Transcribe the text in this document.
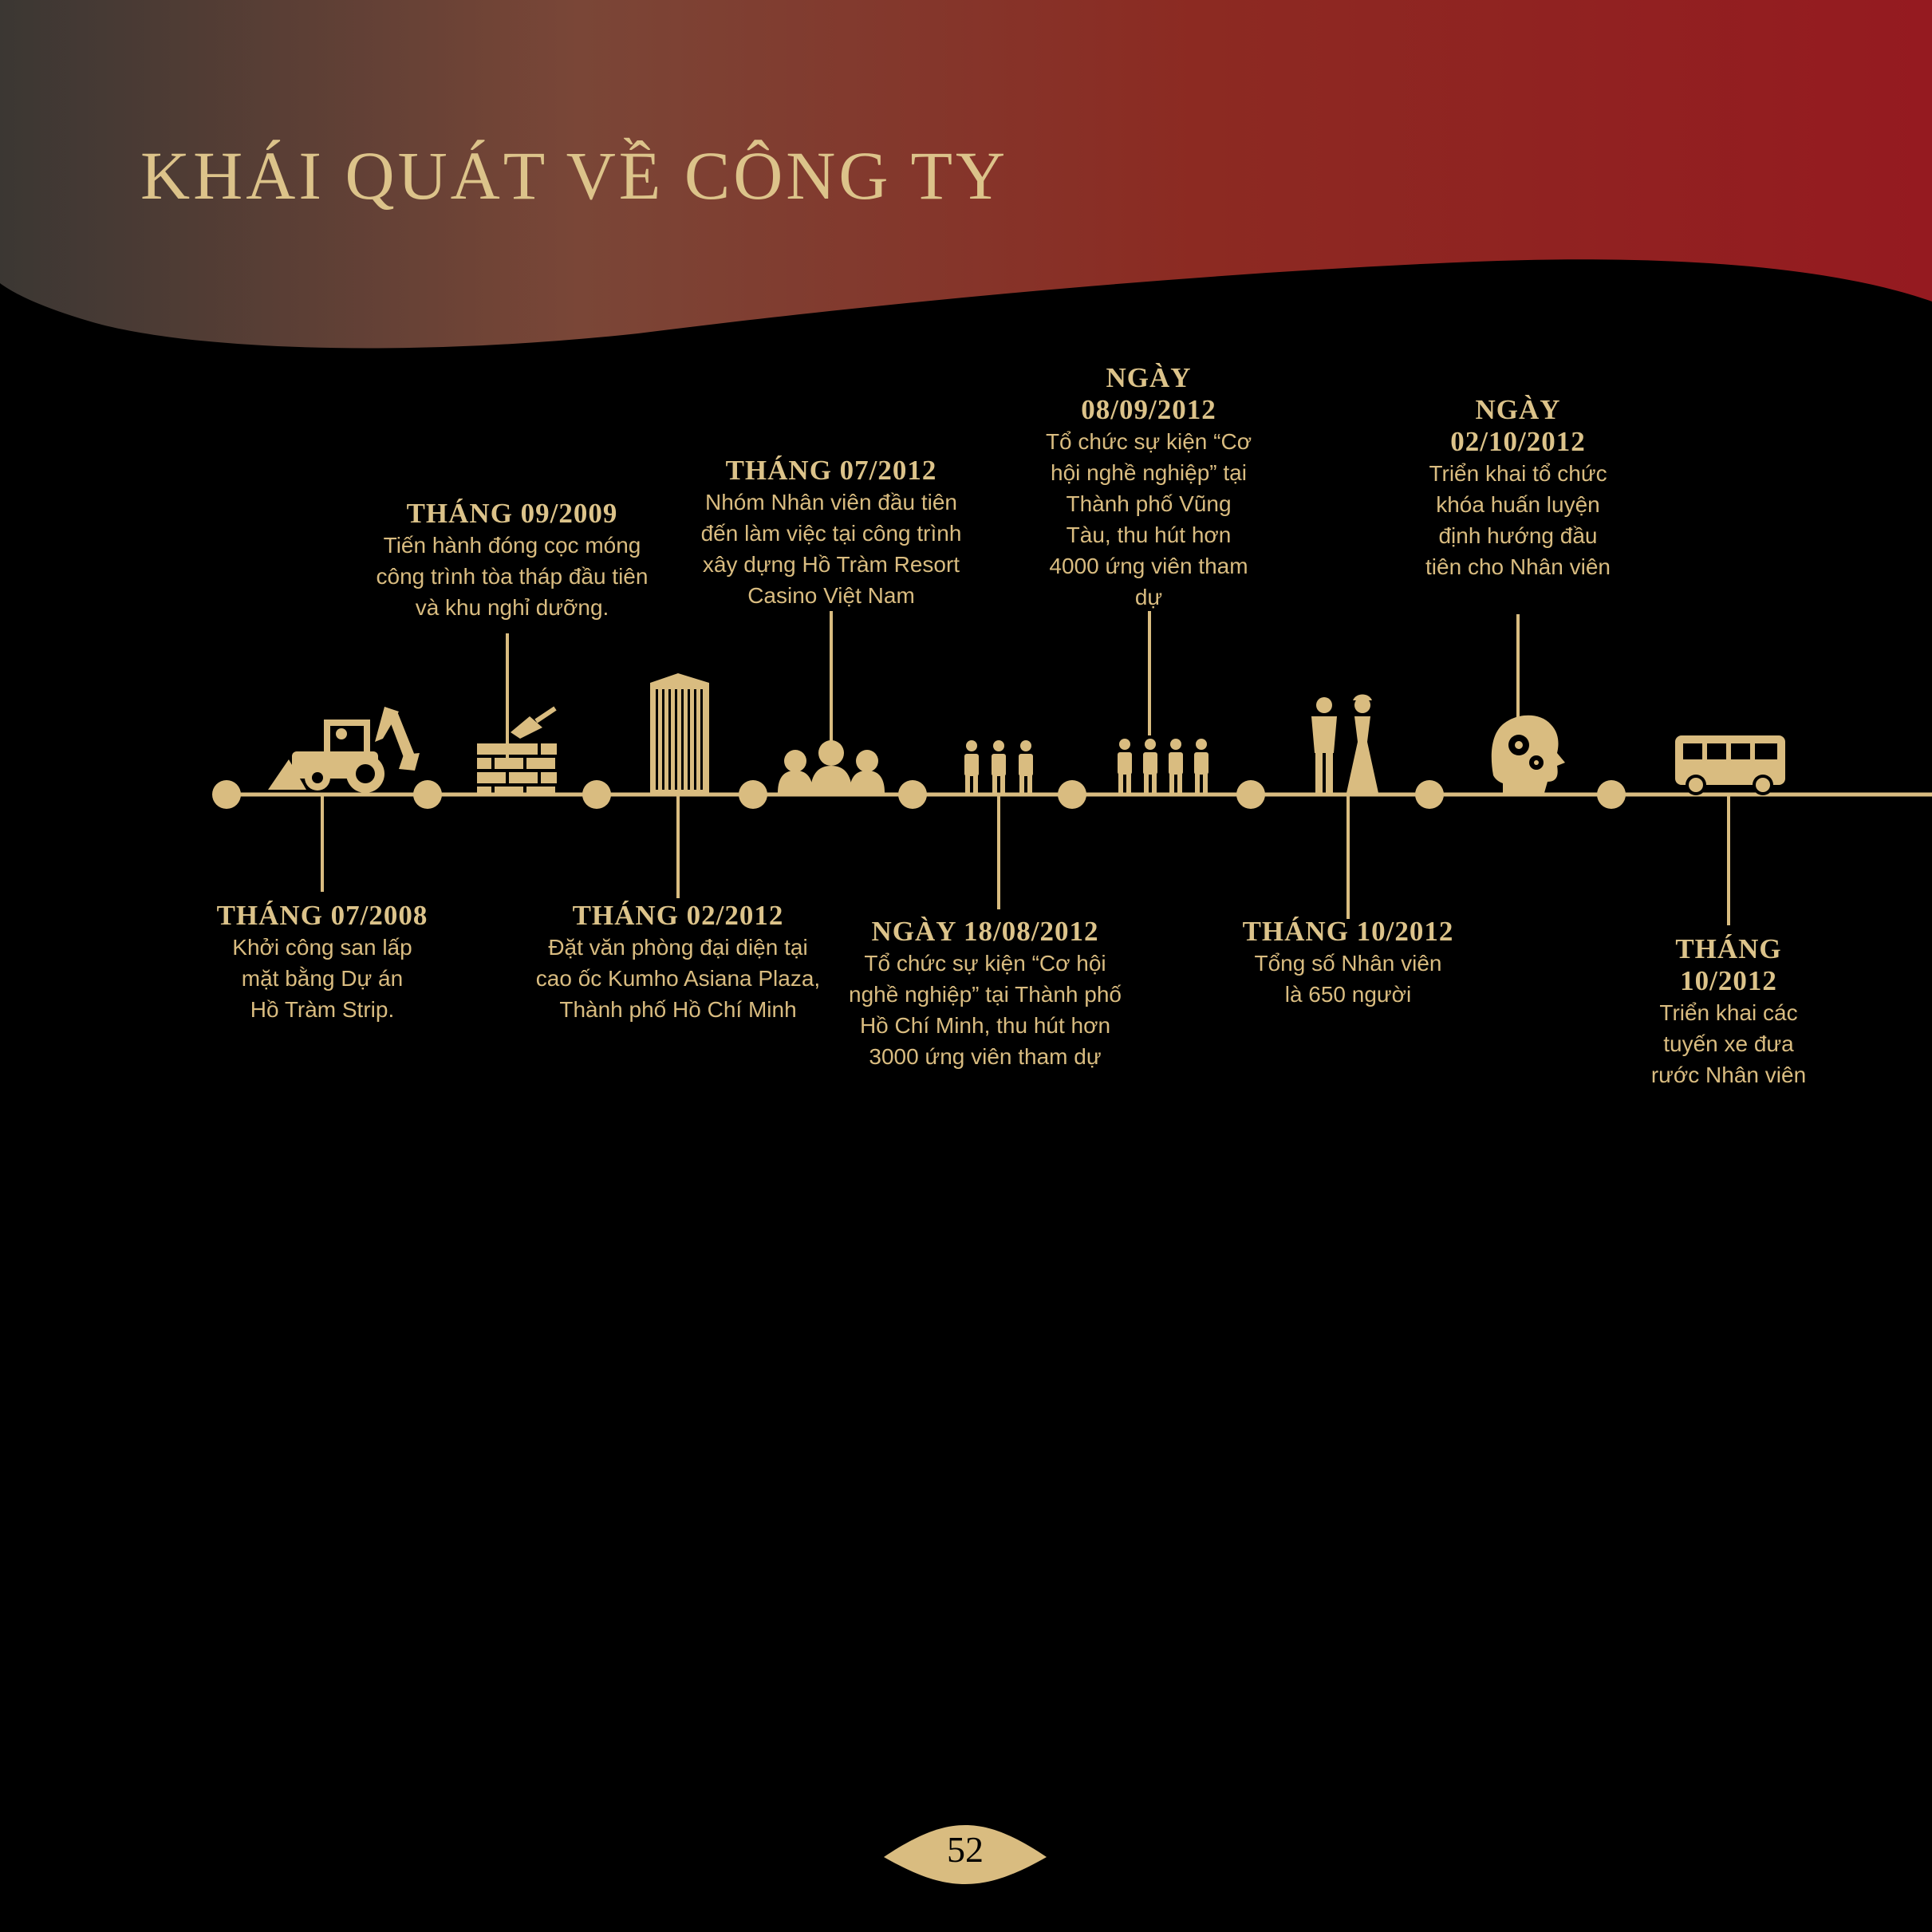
KHÁI QUÁT VỀ CÔNG TY
THÁNG 07/2008
Khởi công san lấp mặt bằng Dự án Hồ Tràm Strip.
THÁNG 09/2009
Tiến hành đóng cọc móng công trình tòa tháp đầu tiên và khu nghỉ dưỡng.
THÁNG 02/2012
Đặt văn phòng đại diện tại cao ốc Kumho Asiana Plaza, Thành phố Hồ Chí Minh
THÁNG 07/2012
Nhóm Nhân viên đầu tiên đến làm việc tại công trình xây dựng Hồ Tràm Resort Casino Việt Nam
NGÀY 18/08/2012
Tổ chức sự kiện “Cơ hội nghề nghiệp” tại Thành phố Hồ Chí Minh, thu hút hơn 3000 ứng viên tham dự
NGÀY 08/09/2012
Tổ chức sự kiện “Cơ hội nghề nghiệp” tại Thành phố Vũng Tàu, thu hút hơn 4000 ứng viên tham dự
THÁNG 10/2012
Tổng số Nhân viên là 650 người
NGÀY 02/10/2012
Triển khai tổ chức khóa huấn luyện định hướng đầu tiên cho Nhân viên
THÁNG 10/2012
Triển khai các tuyến xe đưa rước Nhân viên
52
